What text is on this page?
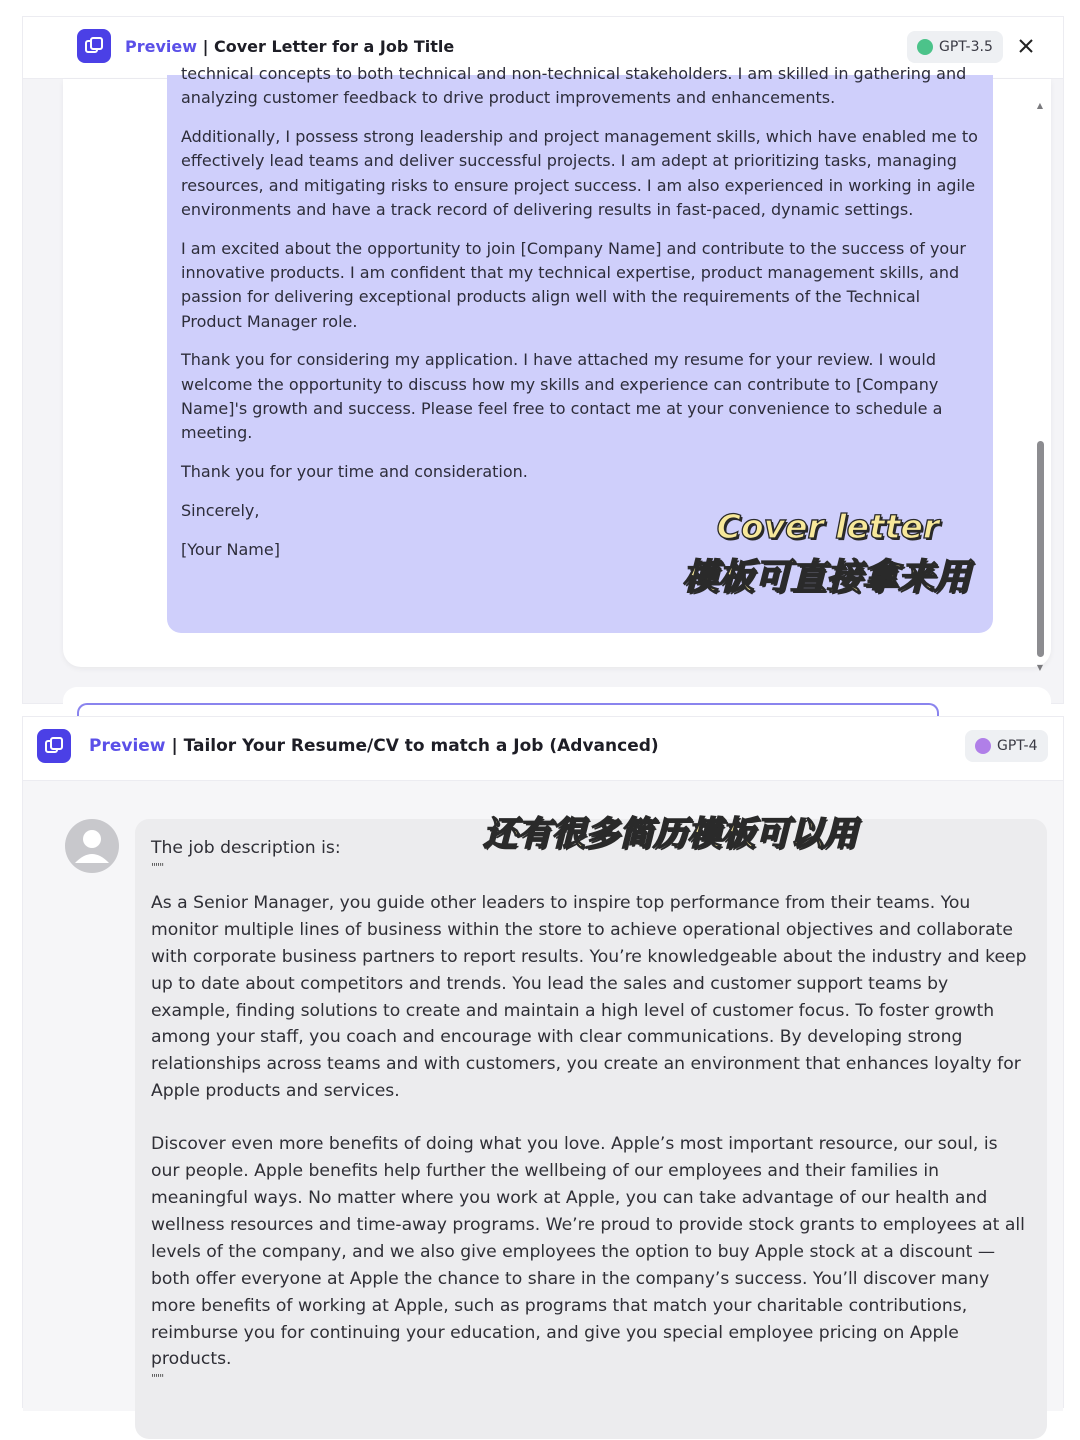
Preview | Cover Letter for a Job Title	GPT-3.5

technical concepts to both technical and non-technical stakeholders. I am skilled in gathering and analyzing customer feedback to drive product improvements and enhancements.

Additionally, I possess strong leadership and project management skills, which have enabled me to effectively lead teams and deliver successful projects. I am adept at prioritizing tasks, managing resources, and mitigating risks to ensure project success. I am also experienced in working in agile environments and have a track record of delivering results in fast-paced, dynamic settings.

I am excited about the opportunity to join [Company Name] and contribute to the success of your innovative products. I am confident that my technical expertise, product management skills, and passion for delivering exceptional products align well with the requirements of the Technical Product Manager role.

Thank you for considering my application. I have attached my resume for your review. I would welcome the opportunity to discuss how my skills and experience can contribute to [Company Name]'s growth and success. Please feel free to contact me at your convenience to schedule a meeting.

Thank you for your time and consideration.

Sincerely,

[Your Name]

▲
▼
Cover letter
模板可直接拿来用
Preview | Tailor Your Resume/CV to match a Job (Advanced)	GPT-4
The job description is:
"""
As a Senior Manager, you guide other leaders to inspire top performance from their teams. You monitor multiple lines of business within the store to achieve operational objectives and collaborate with corporate business partners to report results. You’re knowledgeable about the industry and keep up to date about competitors and trends. You lead the sales and customer support teams by example, finding solutions to create and maintain a high level of customer focus. To foster growth among your staff, you coach and encourage with clear communications. By developing strong relationships across teams and with customers, you create an environment that enhances loyalty for Apple products and services.
Discover even more benefits of doing what you love. Apple’s most important resource, our soul, is our people. Apple benefits help further the wellbeing of our employees and their families in meaningful ways. No matter where you work at Apple, you can take advantage of our health and wellness resources and time-away programs. We’re proud to provide stock grants to employees at all levels of the company, and we also give employees the option to buy Apple stock at a discount — both offer everyone at Apple the chance to share in the company’s success. You’ll discover many more benefits of working at Apple, such as programs that match your charitable contributions, reimburse you for continuing your education, and give you special employee pricing on Apple products.
"""
还有很多简历模板可以用
